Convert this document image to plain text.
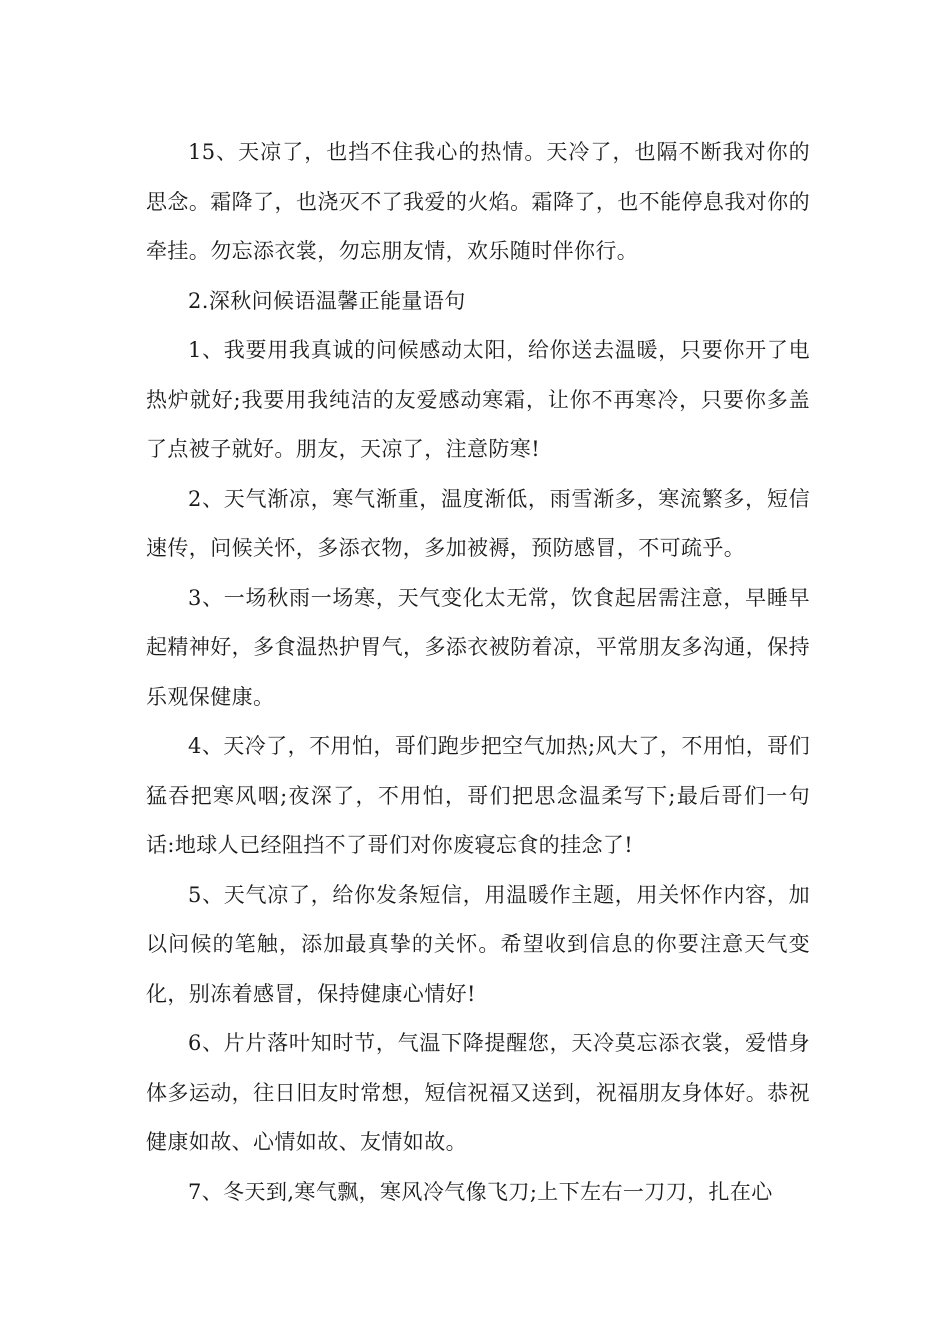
15、天凉了，也挡不住我心的热情。天冷了，也隔不断我对你的思念。霜降了，也浇灭不了我爱的火焰。霜降了，也不能停息我对你的牵挂。勿忘添衣裳，勿忘朋友情，欢乐随时伴你行。

2.深秋问候语温馨正能量语句

1、我要用我真诚的问候感动太阳，给你送去温暖，只要你开了电热炉就好;我要用我纯洁的友爱感动寒霜，让你不再寒冷，只要你多盖了点被子就好。朋友，天凉了，注意防寒!

2、天气渐凉，寒气渐重，温度渐低，雨雪渐多，寒流繁多，短信速传，问候关怀，多添衣物，多加被褥，预防感冒，不可疏乎。

3、一场秋雨一场寒，天气变化太无常，饮食起居需注意，早睡早起精神好，多食温热护胃气，多添衣被防着凉，平常朋友多沟通，保持乐观保健康。

4、天冷了，不用怕，哥们跑步把空气加热;风大了，不用怕，哥们猛吞把寒风咽;夜深了，不用怕，哥们把思念温柔写下;最后哥们一句话:地球人已经阻挡不了哥们对你废寝忘食的挂念了!

5、天气凉了，给你发条短信，用温暖作主题，用关怀作内容，加以问候的笔触，添加最真挚的关怀。希望收到信息的你要注意天气变化，别冻着感冒，保持健康心情好!

6、片片落叶知时节，气温下降提醒您，天冷莫忘添衣裳，爱惜身体多运动，往日旧友时常想，短信祝福又送到，祝福朋友身体好。恭祝健康如故、心情如故、友情如故。

7、冬天到,寒气飘，寒风冷气像飞刀;上下左右一刀刀，扎在心
